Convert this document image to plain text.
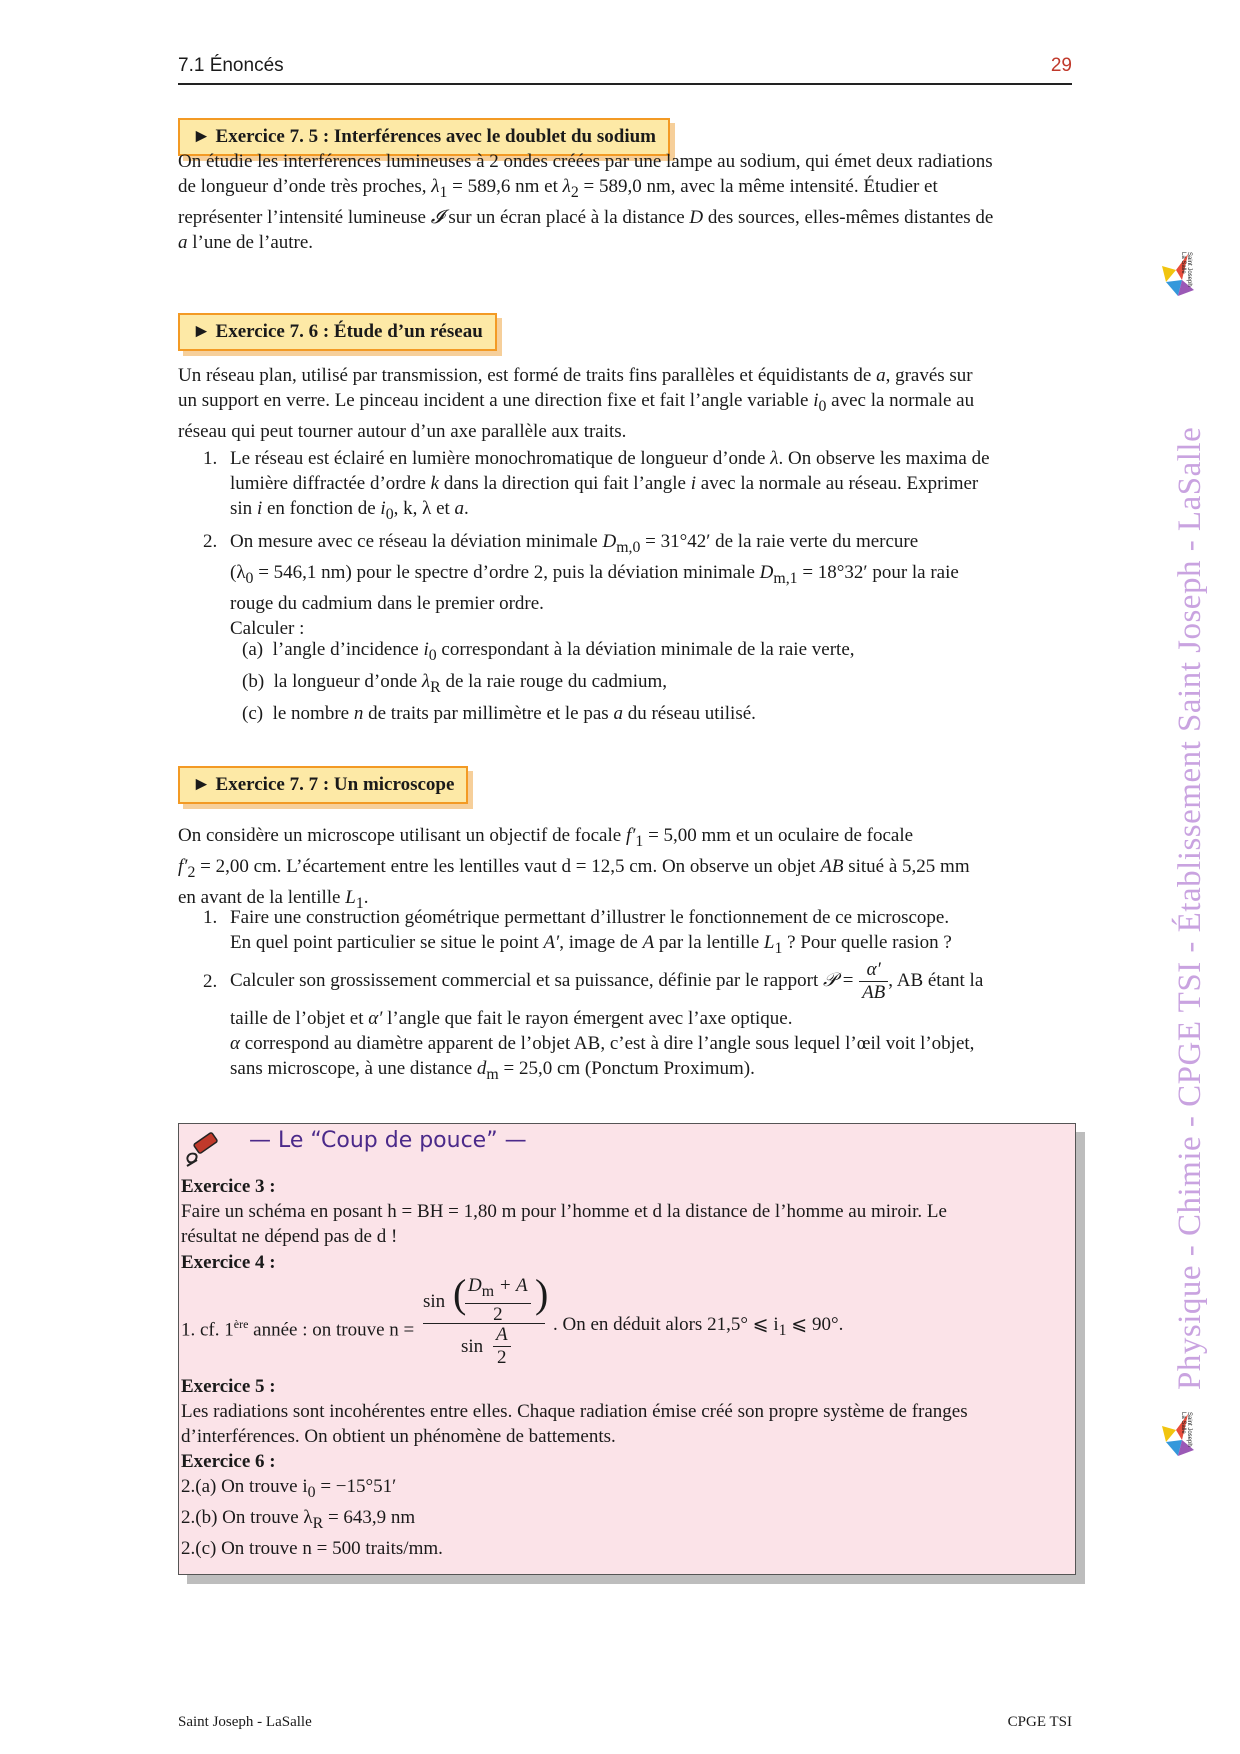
7.1 Énoncés	29
► Exercice 7. 5 : Interférences avec le doublet du sodium
On étudie les interférences lumineuses à 2 ondes créées par une lampe au sodium, qui émet deux radiations
de longueur d’onde très proches, $\lambda_1 = 589,6$ nm et $\lambda_2 = 589,0$ nm, avec la même intensité. Étudier et
représenter l’intensité lumineuse 𝓘 sur un écran placé à la distance D des sources, elles-mêmes distantes de
a l’une de l’autre.
► Exercice 7. 6 : Étude d’un réseau
Un réseau plan, utilisé par transmission, est formé de traits fins parallèles et équidistants de a, gravés sur
un support en verre. Le pinceau incident a une direction fixe et fait l’angle variable $i_0$ avec la normale au
réseau qui peut tourner autour d’un axe parallèle aux traits.
1. Le réseau est éclairé en lumière monochromatique de longueur d’onde λ. On observe les maxima de
lumière diffractée d’ordre k dans la direction qui fait l’angle i avec la normale au réseau. Exprimer
sin i en fonction de $i_0$, k, λ et a.
2. On mesure avec ce réseau la déviation minimale $D_{m,0} = 31^\circ 42'$ de la raie verte du mercure
($\lambda_0 = 546,1$ nm) pour le spectre d’ordre 2, puis la déviation minimale $D_{m,1} = 18^\circ 32'$ pour la raie
rouge du cadmium dans le premier ordre.
Calculer :
(a) l’angle d’incidence $i_0$ correspondant à la déviation minimale de la raie verte,
(b) la longueur d’onde $\lambda_R$ de la raie rouge du cadmium,
(c) le nombre n de traits par millimètre et le pas a du réseau utilisé.
► Exercice 7. 7 : Un microscope
On considère un microscope utilisant un objectif de focale $f'_1 = 5,00$ mm et un oculaire de focale
$f'_2 = 2,00$ cm. L’écartement entre les lentilles vaut d = 12,5 cm. On observe un objet AB situé à 5,25 mm
en avant de la lentille $L_1$.
1. Faire une construction géométrique permettant d’illustrer le fonctionnement de ce microscope.
En quel point particulier se situe le point A′, image de A par la lentille $L_1$ ? Pour quelle rasion ?
2. Calculer son grossissement commercial et sa puissance, définie par le rapport 𝒫 = $\frac{\alpha'}{AB}$ , AB étant la
taille de l’objet et α′ l’angle que fait le rayon émergent avec l’axe optique.
α correspond au diamètre apparent de l’objet AB, c’est à dire l’angle sous lequel l’œil voit l’objet,
sans microscope, à une distance $d_m = 25,0$ cm (Ponctum Proximum).
— Le “Coup de pouce” —
Exercice 3 :
Faire un schéma en posant h = BH = 1,80 m pour l’homme et d la distance de l’homme au miroir. Le
résultat ne dépend pas de d !
Exercice 4 :
1. cf. 1ère année : on trouve n =
sin (
$\frac{D_m + A}{2}$ )
$\sin \frac{A}{2}$ . On en déduit alors 21,5° ⩽ $i_1$ ⩽ 90°.
Exercice 5 :
Les radiations sont incohérentes entre elles. Chaque radiation émise créé son propre système de franges
d’interférences. On obtient un phénomène de battements.
Exercice 6 :
2.(a) On trouve $i_0 = -15^\circ 51'$
2.(b) On trouve $\lambda_R = 643,9$ nm
2.(c) On trouve n = 500 traits/mm.
Physique - Chimie - CPGE TSI - Établissement Saint Joseph - LaSalle
Saint Joseph
La Salle
Saint Joseph
La Salle
Saint Joseph - LaSalle	CPGE TSI
